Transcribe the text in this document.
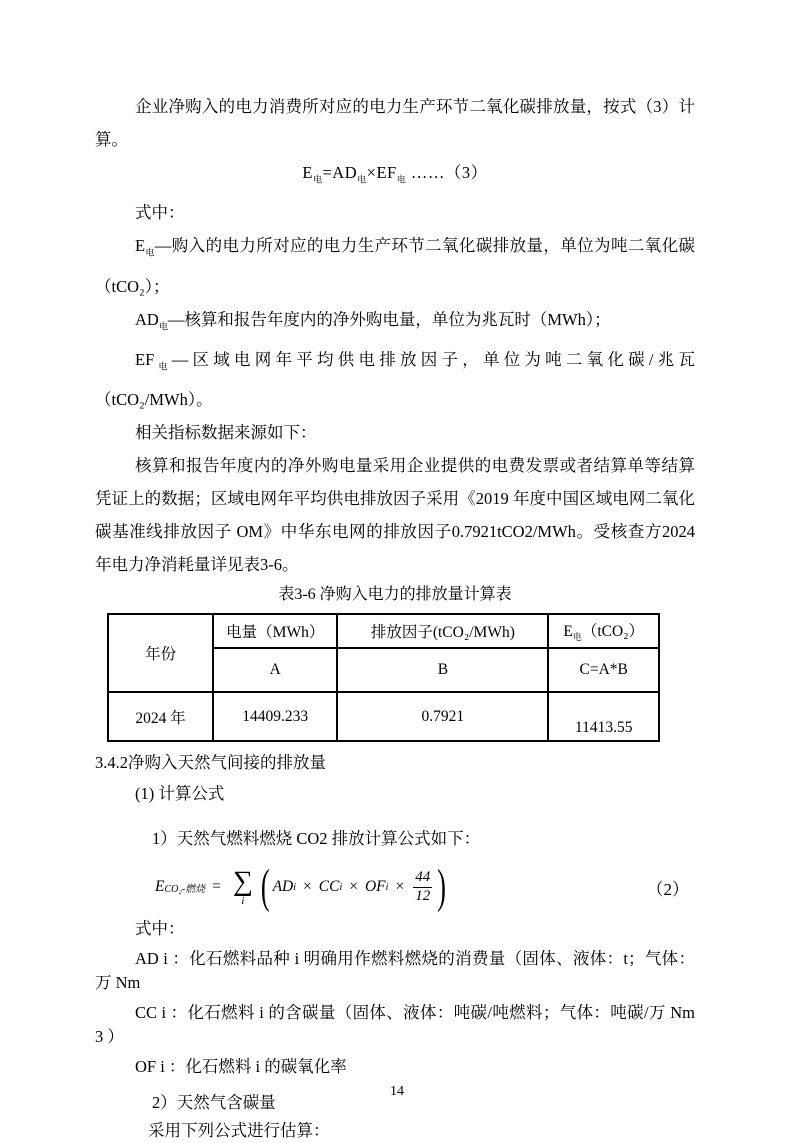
企业净购入的电力消费所对应的电力生产环节二氧化碳排放量，按式（3）计算。

$E_电=AD_电\times EF_电$ ……（3）

式中：

$E_电—$购入的电力所对应的电力生产环节二氧化碳排放量，单位为吨二氧化碳（tCO₂）；

$AD_电—$核算和报告年度内的净外购电量，单位为兆瓦时（MWh）；

$EF_电—$区域电网年平均供电排放因子，单位为吨二氧化碳/兆瓦（tCO₂/MWh）。

相关指标数据来源如下：

核算和报告年度内的净外购电量采用企业提供的电费发票或者结算单等结算凭证上的数据；区域电网年平均供电排放因子采用《2019 年度中国区域电网二氧化碳基准线排放因子 OM》中华东电网的排放因子0.7921tCO2/MWh。受核查方2024年电力净消耗量详见表3-6。

表3-6 净购入电力的排放量计算表
年份	电量（MWh）	排放因子(tCO₂/MWh)	$E_电(tCO_2)$
	A	B	C=A*B
2024 年	14409.233	0.7921	11413.55

3.4.2净购入天然气间接的排放量

(1) 计算公式

1）天然气燃料燃烧 CO2 排放计算公式如下：

E CO₂-燃烧 = ∑
i ( AD i × CC i × OF $i \times \frac{44}{12}$ )	（2）

式中：

AD i ：化石燃料品种 i 明确用作燃料燃烧的消费量（固体、液体：t；气体：万 Nm

CC i ：化石燃料 i 的含碳量（固体、液体：吨碳/吨燃料；气体：吨碳/万 Nm 3 ）

OF i ：化石燃料 i 的碳氧化率

2）天然气含碳量

采用下列公式进行估算：

14
